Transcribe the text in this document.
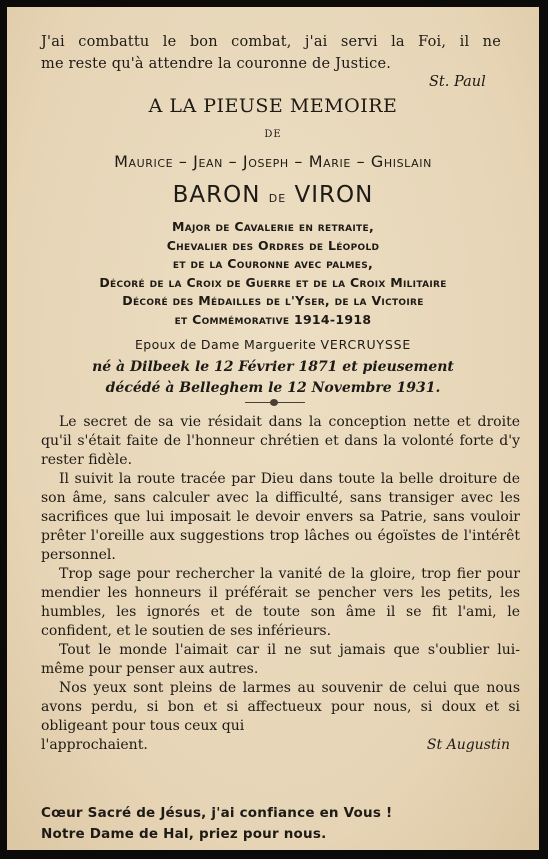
J'ai combattu le bon combat, j'ai servi la Foi, il ne
me reste qu'à attendre la couronne de Justice.
St. Paul
A LA PIEUSE MEMOIRE
DE
Maurice – Jean – Joseph – Marie – Ghislain
BARON de VIRON
Major de Cavalerie en retraite,
Chevalier des Ordres de Léopold
et de la Couronne avec palmes,
Décoré de la Croix de Guerre et de la Croix Militaire
Décoré des Médailles de l'Yser, de la Victoire
et Commémorative 1914-1918
Epoux de Dame Marguerite VERCRUYSSE
né à Dilbeek le 12 Février 1871 et pieusement
décédé à Belleghem le 12 Novembre 1931.

Le secret de sa vie résidait dans la conception nette et droite qu'il s'était faite de l'honneur chrétien et dans la volonté forte d'y rester fidèle.

Il suivit la route tracée par Dieu dans toute la belle droiture de son âme, sans calculer avec la difficulté, sans transiger avec les sacrifices que lui imposait le devoir envers sa Patrie, sans vouloir prêter l'oreille aux suggestions trop lâches ou égoïstes de l'intérêt personnel.

Trop sage pour rechercher la vanité de la gloire, trop fier pour mendier les honneurs il préférait se pencher vers les petits, les humbles, les ignorés et de toute son âme il se fit l'ami, le confident, et le soutien de ses inférieurs.

Tout le monde l'aimait car il ne sut jamais que s'oublier lui-même pour penser aux autres.

Nos yeux sont pleins de larmes au souvenir de celui que nous avons perdu, si bon et si affectueux pour nous, si doux et si obligeant pour tous ceux qui

l'approchaient.	St Augustin

Cœur Sacré de Jésus, j'ai confiance en Vous !
Notre Dame de Hal, priez pour nous.
